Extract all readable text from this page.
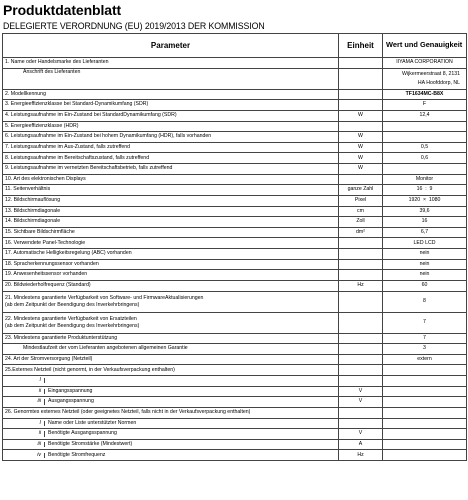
Produktdatenblatt
DELEGIERTE VERORDNUNG (EU) 2019/2013 DER KOMMISSION
Parameter	Einheit	Wert und Genauigkeit
1. Name oder Handelsmarke des Lieferanten		IIYAMA CORPORATION
Anschrift des Lieferanten		Wijkermeerstraat 8, 2131
HA Hoofddorp, NL

2. Modellkennung		TF1634MC-B8X
3. Energieeffizienzklasse bei Standard-Dynamikumfang (SDR)		F
4. Leistungsaufnahme im Ein-Zustand bei StandardDynamikumfang (SDR)	W	12,4
5. Energieeffizienzklasse (HDR)		
6. Leistungsaufnahme im Ein-Zustand bei hohem Dynamikumfang (HDR), falls vorhanden	W	
7. Leistungsaufnahme im Aus-Zustand, falls zutreffend	W	0,5
8. Leistungsaufnahme im Bereitschaftszustand, falls zutreffend	W	0,6
9. Leistungsaufnahme im vernetzten Bereitschaftsbetrieb, falls zutreffend	W	
10. Art des elektronischen Displays		Monitor
11. Seitenverhältnis	ganze Zahl	16  :  9
12. Bildschirmauflösung	Pixel	1920  ×  1080
13. Bildschirmdiagonale	cm	39,6
14. Bildschirmdiagonale	Zoll	16
15. Sichtbare Bildschirmfläche	dm²	6,7
16. Verwendete Panel-Technologie		LED LCD
17. Automatische Helligkeitsregelung (ABC) vorhanden		nein
18. Spracherkennungssensor vorhanden		nein
19. Anwesenheitssensor vorhanden		nein
20. Bildwiederholfrequenz (Standard)	Hz	60

21. Mindestens garantierte Verfügbarkeit von Software- und FirmwareAktualisierungen
(ab dem Zeitpunkt der Beendigung des Inverkehrbringens)		8

22. Mindestens garantierte Verfügbarkeit von Ersatzteilen
(ab dem Zeitpunkt der Beendigung des Inverkehrbringens)		7
23. Mindestens garantierte Produktunterstützung		7
Mindestlaufzeit der vom Lieferanten angebotenen allgemeinen Garantie		3
24. Art der Stromversorgung (Netzteil)		extern
25.Externes Netzteil (nicht genormt, in der Verkaufsverpackung enthalten)		

I		

ii Eingangsspannung	V	

iii Ausgangsspannung	V	
26. Genormtes externes Netzteil (oder geeignetes Netzteil, falls nicht in der Verkaufsverpackung enthalten)		

I Name oder Liste unterstützter Normen		

ii Benötigte Ausgangsspannung	V	

iii Benötigte Stromstärke (Mindestwert)	A	

iv Benötigte Stromfrequenz	Hz	
